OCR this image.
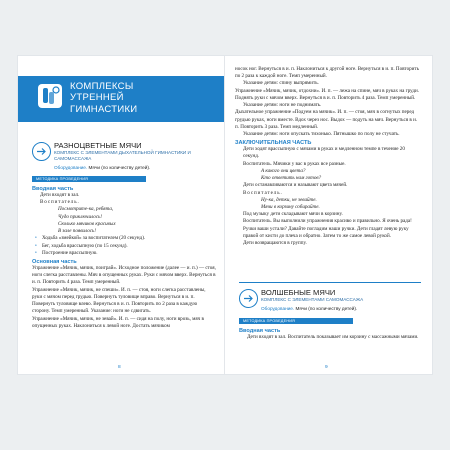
КОМПЛЕКСЫ УТРЕННЕЙ ГИМНАСТИКИ
РАЗНОЦВЕТНЫЕ МЯЧИ
КОМПЛЕКС С ЭЛЕМЕНТАМИ ДЫХАТЕЛЬНОЙ ГИМНАСТИКИ И САМОМАССАЖА
Оборудование. Мячи (по количеству детей).
МЕТОДИКА ПРОВЕДЕНИЯ
Вводная часть

Дети входят в зал.

Воспитатель.

Посмотрите-ка, ребята,

Чудо приключилось!

Сколько мячиков красивых

В зале появилось!

• Ходьба «змейкой» за воспитателем (20 секунд).

• Бег, ходьба врассыпную (по 15 секунд).

• Построение врассыпную.

Основная часть

Упражнение «Мячик, мячик, поиграй». Исходное положение (далее — и. п.) — стоя, ноги слегка расставлены. Мяч в опущенных руках. Руки с мячом вверх. Вернуться в и. п. Повторить 4 раза. Темп умеренный.

Упражнение «Мячик, мячик, не спеши». И. п. — стоя, ноги слегка расставлены, руки с мячом перед грудью. Повернуть туловище вправо. Вернуться в и. п. Повернуть туловище влево. Вернуться в и. п. Повторить по 2 раза в каждую сторону. Темп умеренный. Указание: ноги не сдвигать.

Упражнение «Мячик, мячик, не зевай». И. п. — сидя на полу, ноги врозь, мяч в опущенных руках. Наклониться к левой ноге. Достать мячиком

8

носок ног. Вернуться в и. п. Наклониться к другой ноге. Вернуться в и. п. Повторить по 2 раза к каждой ноге. Темп умеренный.

Указание детям: спину выпрямить.

Упражнение «Мячик, мячик, отдохни». И. п. — лежа на спине, мяч в руках на груди. Поднять руки с мячом вверх. Вернуться в и. п. Повторить 4 раза. Темп умеренный.

Указание детям: ноги не поднимать.

Дыхательное упражнение «Подуем на мячик». И. п. — стоя, мяч в согнутых перед грудью руках, ноги вместе. Вдох через нос. Выдох — подуть на мяч. Вернуться в и. п. Повторить 3 раза. Темп медленный.

Указание детям: ноги опускать тихонько. Пятнышко по полу не стучать.

ЗАКЛЮЧИТЕЛЬНАЯ ЧАСТЬ

Дети ходят врассыпную с мячами в руках и медленном темпе в течение 20 секунд.

Воспитатель. Мячики у вас в руках все разные.

А какого они цвета?

Кто ответить нам готов?

Дети останавливаются и называют цвета мячей.

Воспитатель.

Ну-ка, детки, не зевайте.

Мячи в корзину собирайте.

Под музыку дети складывают мячи в корзину.

Воспитатель. Вы выполнили упражнения красиво и правильно. Я очень рада! Ручки ваши устали? Давайте погладим наши ручки. Дети гладят левую руку правой от кисти до плеча и обратно. Затем то же самое левой рукой.

Дети возвращаются в группу.

ВОЛШЕБНЫЕ МЯЧИ
КОМПЛЕКС С ЭЛЕМЕНТАМИ САМОМАССАЖА
Оборудование. Мячи (по количеству детей).
МЕТОДИКА ПРОВЕДЕНИЯ
Вводная часть

Дети входят в зал. Воспитатель показывает им корзину с массажными мячами.

9
